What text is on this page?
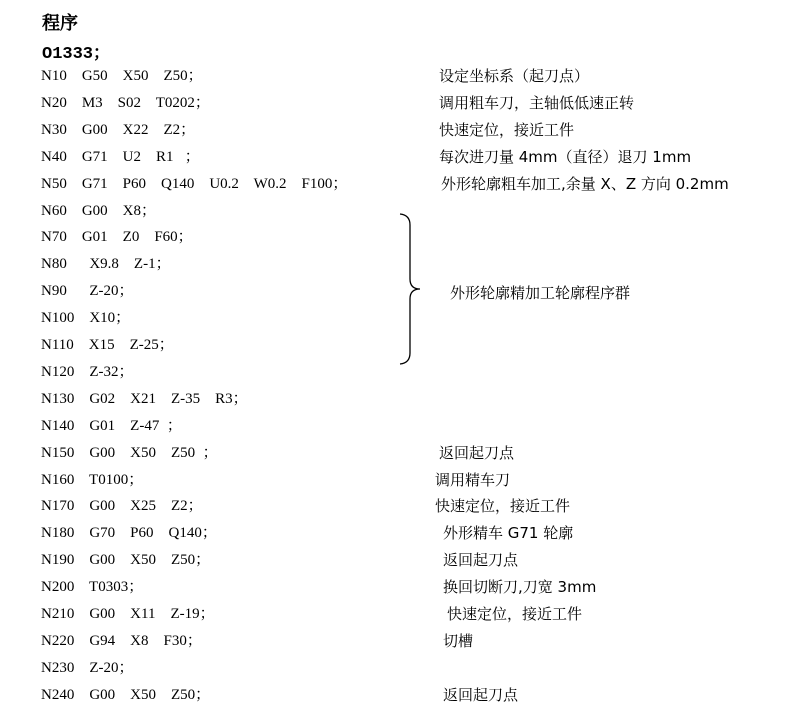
程序
O1333；
N10    G50    X50    Z50；	设定坐标系（起刀点）
N20    M3    S02    T0202；	调用粗车刀，主轴低低速正转
N30    G00    X22    Z2；	快速定位，接近工件
N40    G71    U2    R1   ；	每次进刀量 4mm（直径）退刀 1mm
N50    G71    P60    Q140    U0.2    W0.2    F100；	外形轮廓粗车加工,余量 X、Z 方向 0.2mm
N60    G00    X8；
N70    G01    Z0    F60；
N80      X9.8    Z-1；
N90      Z-20；
N100    X10；
N110    X15    Z-25；
N120    Z-32；
N130    G02    X21    Z-35    R3；
N140    G01    Z-47  ；
N150    G00    X50    Z50  ；	返回起刀点
N160    T0100；	调用精车刀
N170    G00    X25    Z2；	快速定位，接近工件
N180    G70    P60    Q140；	外形精车 G71 轮廓
N190    G00    X50    Z50；	返回起刀点
N200    T0303；	换回切断刀,刀宽 3mm
N210    G00    X11    Z-19；	快速定位，接近工件
N220    G94    X8    F30；	切槽
N230    Z-20；
N240    G00    X50    Z50；	返回起刀点
外形轮廓精加工轮廓程序群
